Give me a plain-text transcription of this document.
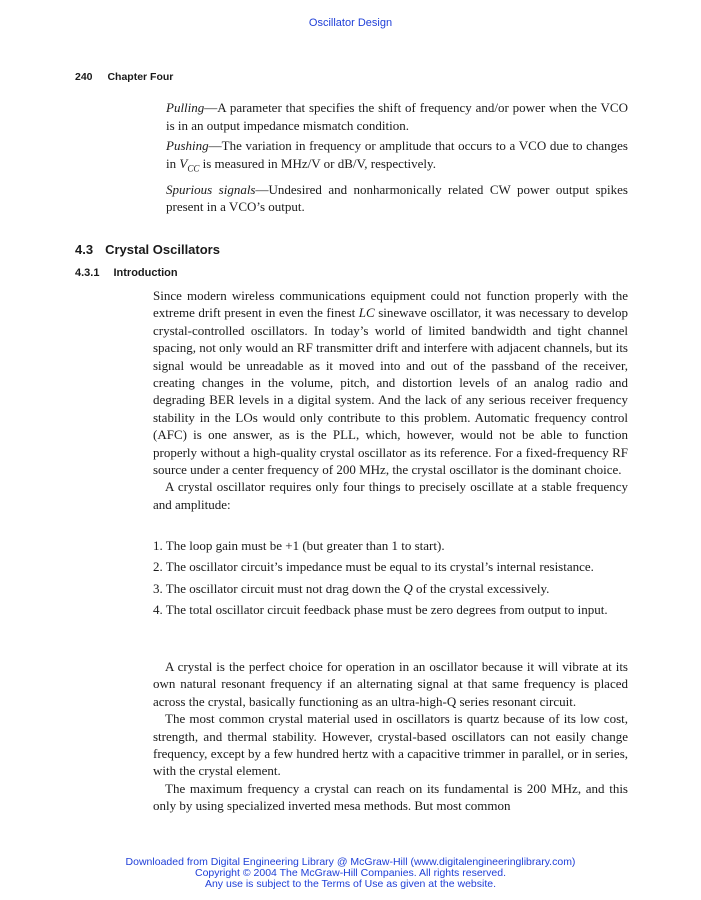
Oscillator Design
240 Chapter Four

Pulling—A parameter that specifies the shift of frequency and/or power when the VCO is in an output impedance mismatch condition.

Pushing—The variation in frequency or amplitude that occurs to a VCO due to changes in $V_{CC}$ is measured in MHz/V or dB/V, respectively.

Spurious signals—Undesired and nonharmonically related CW power output spikes present in a VCO’s output.

4.3 Crystal Oscillators
4.3.1 Introduction

Since modern wireless communications equipment could not function properly with the extreme drift present in even the finest LC sinewave oscillator, it was necessary to develop crystal-controlled oscillators. In today’s world of limited bandwidth and tight channel spacing, not only would an RF transmitter drift and interfere with adjacent channels, but its signal would be unreadable as it moved into and out of the passband of the receiver, creating changes in the volume, pitch, and distortion levels of an analog radio and degrading BER levels in a digital system. And the lack of any serious receiver frequency stability in the LOs would only contribute to this problem. Automatic frequency control (AFC) is one answer, as is the PLL, which, however, would not be able to function properly without a high-quality crystal oscillator as its reference. For a fixed-frequency RF source under a center frequency of 200 MHz, the crystal oscillator is the dominant choice.

A crystal oscillator requires only four things to precisely oscillate at a stable frequency and amplitude:

1. The loop gain must be +1 (but greater than 1 to start).
2. The oscillator circuit’s impedance must be equal to its crystal’s internal resistance.
3. The oscillator circuit must not drag down the Q of the crystal excessively.
4. The total oscillator circuit feedback phase must be zero degrees from output to input.

A crystal is the perfect choice for operation in an oscillator because it will vibrate at its own natural resonant frequency if an alternating signal at that same frequency is placed across the crystal, basically functioning as an ultra-high-Q series resonant circuit.

The most common crystal material used in oscillators is quartz because of its low cost, strength, and thermal stability. However, crystal-based oscillators can not easily change frequency, except by a few hundred hertz with a capacitive trimmer in parallel, or in series, with the crystal element.

The maximum frequency a crystal can reach on its fundamental is 200 MHz, and this only by using specialized inverted mesa methods. But most common

Downloaded from Digital Engineering Library @ McGraw-Hill (www.digitalengineeringlibrary.com)
Copyright © 2004 The McGraw-Hill Companies. All rights reserved.
Any use is subject to the Terms of Use as given at the website.
